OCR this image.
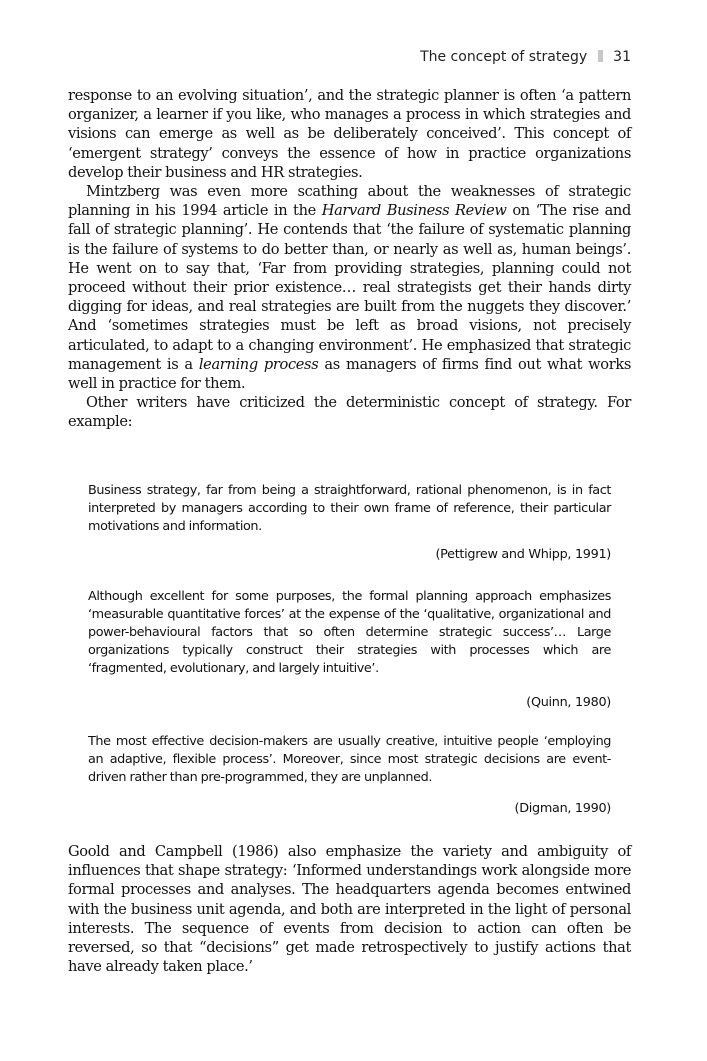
The concept of strategy 31

response to an evolving situation’, and the strategic planner is often ‘a pattern organizer, a learner if you like, who manages a process in which strategies and visions can emerge as well as be deliberately conceived’. This concept of ‘emergent strategy’ conveys the essence of how in practice organizations develop their business and HR strategies.

Mintzberg was even more scathing about the weaknesses of strategic planning in his 1994 article in the Harvard Business Review on ‘The rise and fall of strategic planning’. He contends that ‘the failure of systematic planning is the failure of systems to do better than, or nearly as well as, human beings’. He went on to say that, ‘Far from providing strategies, planning could not proceed without their prior existence… real strategists get their hands dirty digging for ideas, and real strategies are built from the nuggets they discover.’ And ‘sometimes strategies must be left as broad visions, not precisely articulated, to adapt to a changing environment’. He emphasized that strategic management is a learning process as managers of firms find out what works well in practice for them.

Other writers have criticized the deterministic concept of strategy. For example:

Business strategy, far from being a straightforward, rational phenomenon, is in fact interpreted by managers according to their own frame of reference, their particular motivations and information.

(Pettigrew and Whipp, 1991)

Although excellent for some purposes, the formal planning approach emphasizes ‘measurable quantitative forces’ at the expense of the ‘qualitative, organizational and power-behavioural factors that so often determine strategic success’… Large organizations typically construct their strategies with processes which are ‘fragmented, evolutionary, and largely intuitive’.

(Quinn, 1980)

The most effective decision-makers are usually creative, intuitive people ‘employing an adaptive, flexible process’. Moreover, since most strategic decisions are event-driven rather than pre-programmed, they are unplanned.

(Digman, 1990)

Goold and Campbell (1986) also emphasize the variety and ambiguity of influences that shape strategy: ‘Informed understandings work alongside more formal processes and analyses. The headquarters agenda becomes entwined with the business unit agenda, and both are interpreted in the light of personal interests. The sequence of events from decision to action can often be reversed, so that “decisions” get made retrospectively to justify actions that have already taken place.’
